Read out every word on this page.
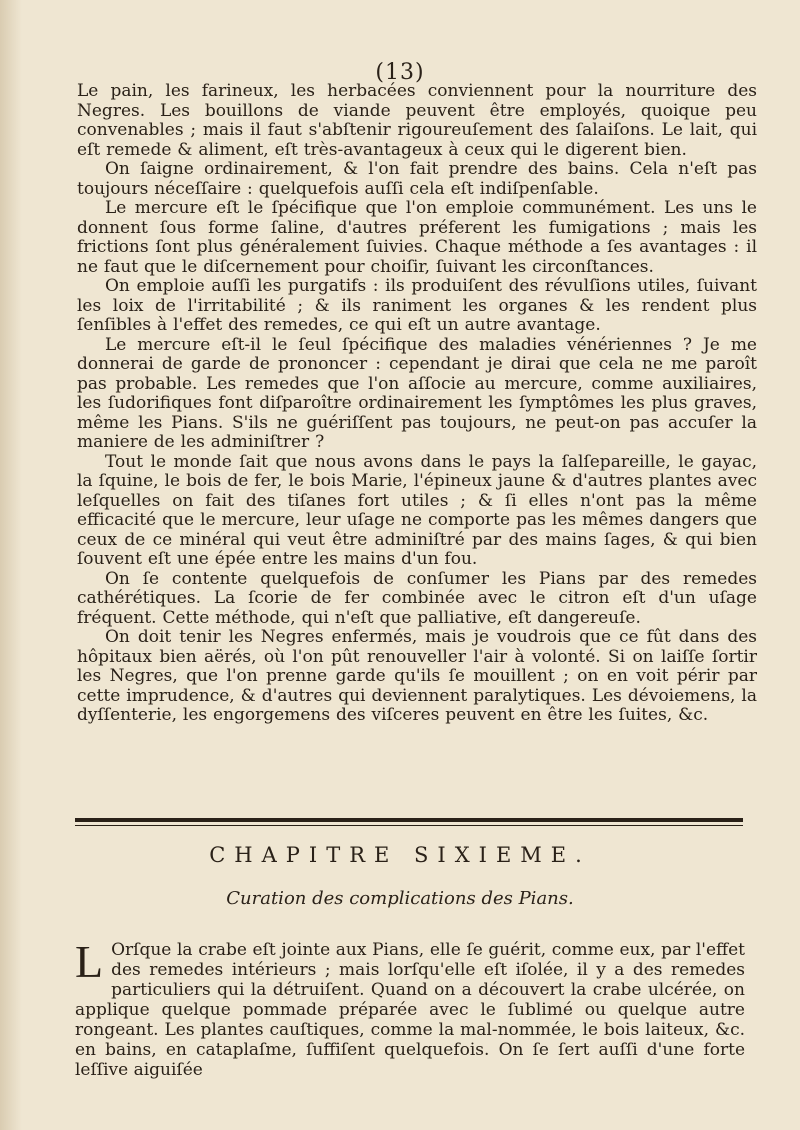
(13)

Le pain, les farineux, les herbacées conviennent pour la nourriture des Negres. Les bouillons de viande peuvent être employés, quoique peu convenables ; mais il faut s'abſtenir rigoureuſement des ſalaiſons. Le lait, qui eſt remede & aliment, eſt très-avantageux à ceux qui le digerent bien.

On ſaigne ordinairement, & l'on fait prendre des bains. Cela n'eſt pas toujours néceſſaire : quelquefois auſſi cela eſt indiſpenſable.

Le mercure eſt le ſpécifique que l'on emploie communément. Les uns le donnent ſous forme ſaline, d'autres préferent les fumigations ; mais les frictions ſont plus généralement ſuivies. Chaque méthode a ſes avantages : il ne faut que le diſcernement pour choiſir, ſuivant les circonſtances.

On emploie auſſi les purgatifs : ils produiſent des révulſions utiles, ſuivant les loix de l'irritabilité ; & ils raniment les organes & les rendent plus ſenſibles à l'effet des remedes, ce qui eſt un autre avantage.

Le mercure eſt-il le ſeul ſpécifique des maladies vénériennes ? Je me donnerai de garde de prononcer : cependant je dirai que cela ne me paroît pas probable. Les remedes que l'on aſſocie au mercure, comme auxiliaires, les ſudorifiques font diſparoître ordinairement les ſymptômes les plus graves, même les Pians. S'ils ne guériſſent pas toujours, ne peut-on pas accuſer la maniere de les adminiſtrer ?

Tout le monde ſait que nous avons dans le pays la ſalſepareille, le gayac, la ſquine, le bois de fer, le bois Marie, l'épineux jaune & d'autres plantes avec leſquelles on fait des tiſanes fort utiles ; & ſi elles n'ont pas la même efficacité que le mercure, leur uſage ne comporte pas les mêmes dangers que ceux de ce minéral qui veut être adminiſtré par des mains ſages, & qui bien ſouvent eſt une épée entre les mains d'un fou.

On ſe contente quelquefois de conſumer les Pians par des remedes cathérétiques. La ſcorie de fer combinée avec le citron eſt d'un uſage fréquent. Cette méthode, qui n'eſt que palliative, eſt dangereuſe.

On doit tenir les Negres enfermés, mais je voudrois que ce fût dans des hôpitaux bien aërés, où l'on pût renouveller l'air à volonté. Si on laiſſe ſortir les Negres, que l'on prenne garde qu'ils ſe mouillent ; on en voit périr par cette imprudence, & d'autres qui deviennent paralytiques. Les dévoiemens, la dyſſenterie, les engorgemens des viſceres peuvent en être les ſuites, &c.

CHAPITRE SIXIEME.
Curation des complications des Pians.
L Orſque la crabe eſt jointe aux Pians, elle ſe guérit, comme eux, par l'effet des remedes intérieurs ; mais lorſqu'elle eſt iſolée, il y a des remedes particuliers qui la détruiſent. Quand on a découvert la crabe ulcérée, on applique quelque pommade préparée avec le ſublimé ou quelque autre rongeant. Les plantes cauſtiques, comme la mal-nommée, le bois laiteux, &c. en bains, en cataplaſme, ſuffiſent quelquefois. On ſe ſert auſſi d'une forte leſſive aiguiſée
